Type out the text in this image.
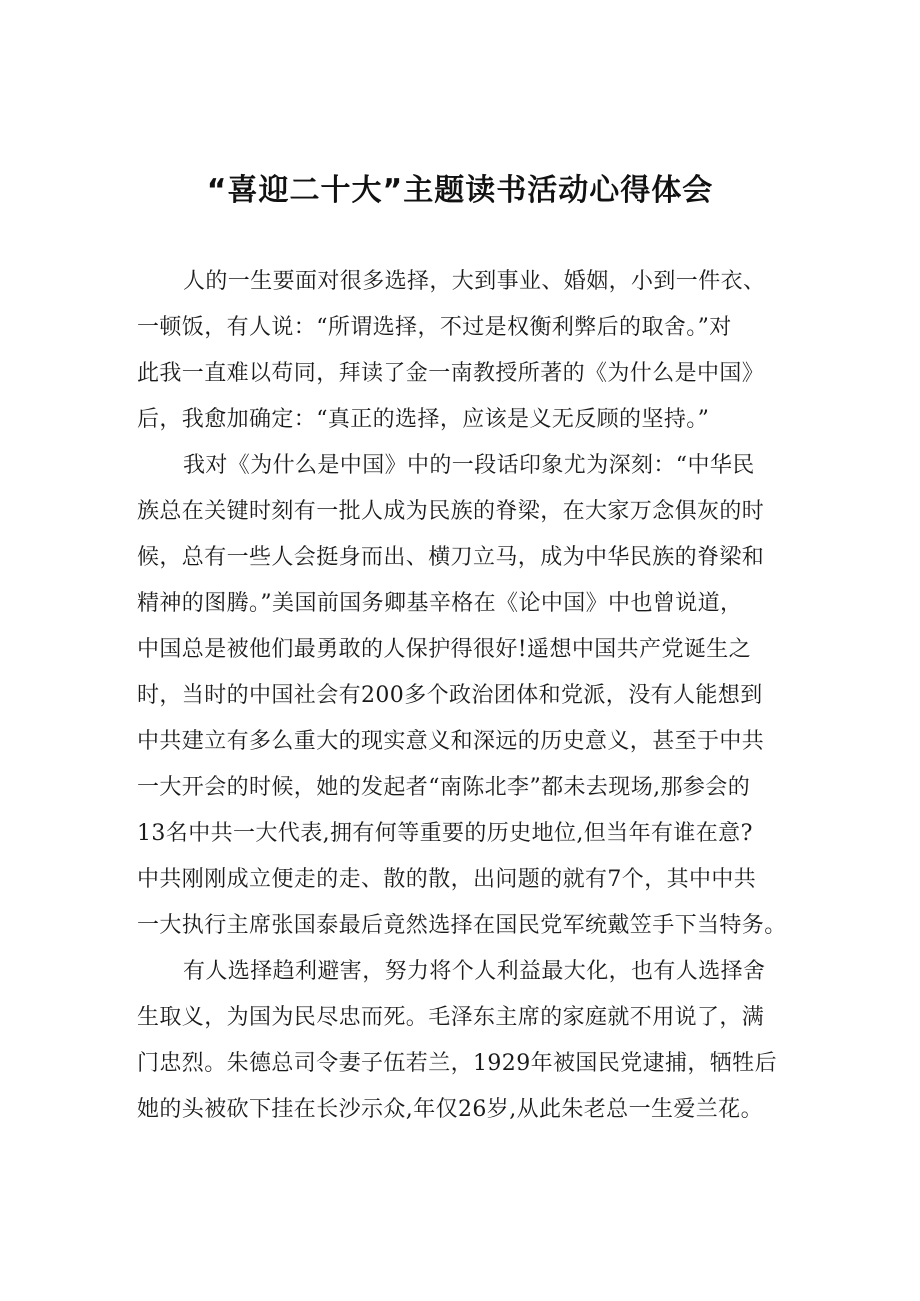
“喜迎二十大”主题读书活动心得体会
人的一生要面对很多选择，大到事业、婚姻，小到一件衣、
一顿饭，有人说：“所谓选择，不过是权衡利弊后的取舍。”对
此我一直难以苟同，拜读了金一南教授所著的《为什么是中国》
后，我愈加确定：“真正的选择，应该是义无反顾的坚持。”
我对《为什么是中国》中的一段话印象尤为深刻：“中华民
族总在关键时刻有一批人成为民族的脊梁，在大家万念俱灰的时
候，总有一些人会挺身而出、横刀立马，成为中华民族的脊梁和
精神的图腾。”美国前国务卿基辛格在《论中国》中也曾说道，
中国总是被他们最勇敢的人保护得很好!遥想中国共产党诞生之
时，当时的中国社会有200多个政治团体和党派，没有人能想到
中共建立有多么重大的现实意义和深远的历史意义，甚至于中共
一大开会的时候，她的发起者“南陈北李”都未去现场,那参会的
13名中共一大代表,拥有何等重要的历史地位,但当年有谁在意?
中共刚刚成立便走的走、散的散，出问题的就有7个，其中中共
一大执行主席张国泰最后竟然选择在国民党军统戴笠手下当特务。
有人选择趋利避害，努力将个人利益最大化，也有人选择舍
生取义，为国为民尽忠而死。毛泽东主席的家庭就不用说了，满
门忠烈。朱德总司令妻子伍若兰，1929年被国民党逮捕，牺牲后
她的头被砍下挂在长沙示众,年仅26岁,从此朱老总一生爱兰花。
